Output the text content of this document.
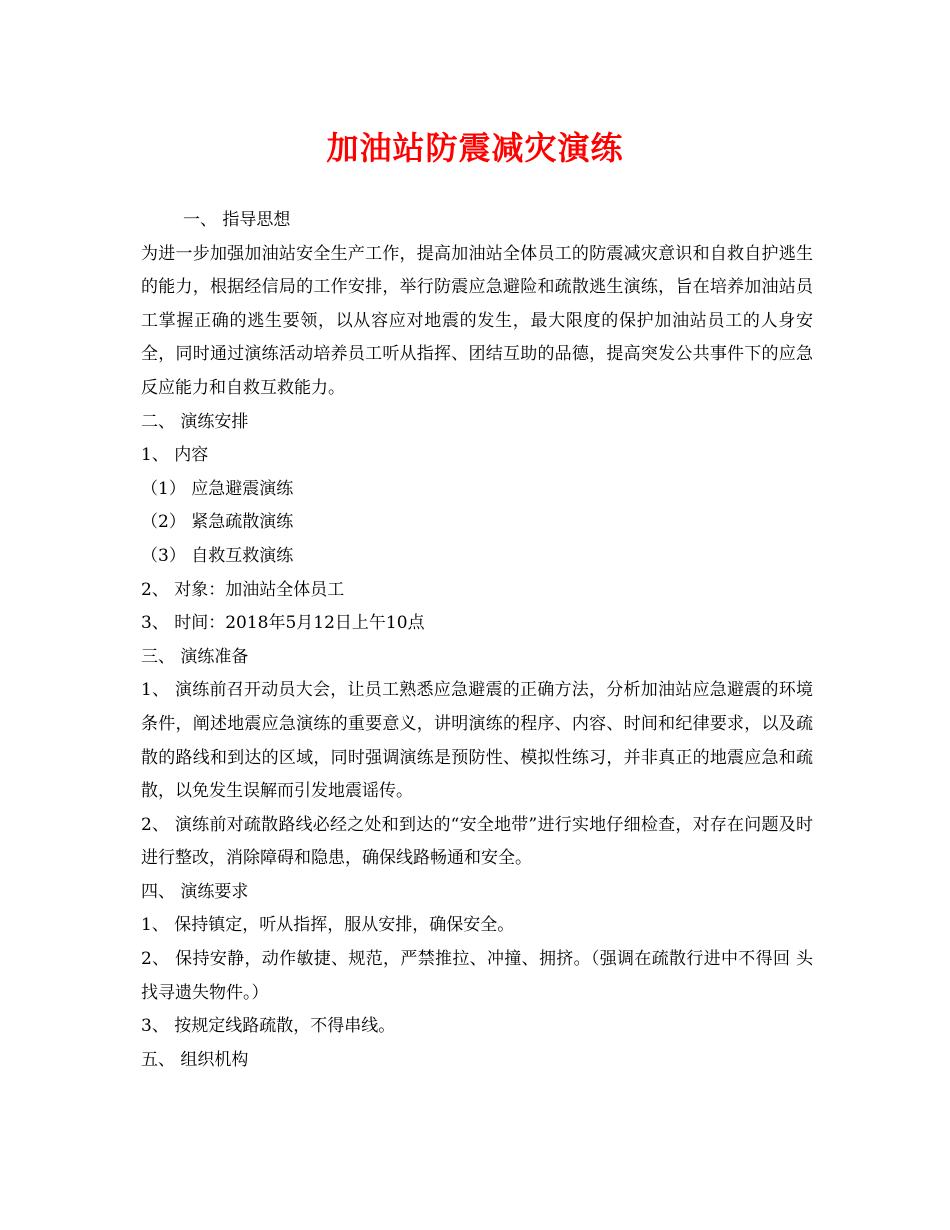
加油站防震减灾演练
一、 指导思想
为进一步加强加油站安全生产工作，提高加油站全体员工的防震减灾意识和自救自护逃生的能力，根据经信局的工作安排，举行防震应急避险和疏散逃生演练，旨在培养加油站员工掌握正确的逃生要领，以从容应对地震的发生，最大限度的保护加油站员工的人身安全，同时通过演练活动培养员工听从指挥、团结互助的品德，提高突发公共事件下的应急反应能力和自救互救能力。
二、 演练安排
1、 内容
（1） 应急避震演练
（2） 紧急疏散演练
（3） 自救互救演练
2、 对象：加油站全体员工
3、 时间：2018年5月12日上午10点
三、 演练准备
1、 演练前召开动员大会，让员工熟悉应急避震的正确方法，分析加油站应急避震的环境条件，阐述地震应急演练的重要意义，讲明演练的程序、内容、时间和纪律要求，以及疏散的路线和到达的区域，同时强调演练是预防性、模拟性练习，并非真正的地震应急和疏散，以免发生误解而引发地震谣传。
2、 演练前对疏散路线必经之处和到达的“安全地带”进行实地仔细检查，对存在问题及时进行整改，消除障碍和隐患，确保线路畅通和安全。
四、 演练要求
1、 保持镇定，听从指挥，服从安排，确保安全。
2、 保持安静，动作敏捷、规范，严禁推拉、冲撞、拥挤。（强调在疏散行进中不得回 头找寻遗失物件。）
3、 按规定线路疏散，不得串线。
五、 组织机构
